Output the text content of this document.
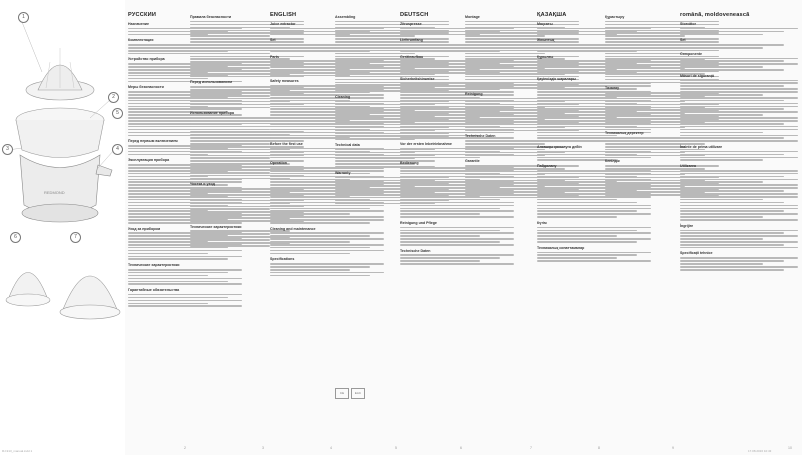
1
2
3	4
5
6	7
REDMOND
РУССКИЙ
Назначение
Комплектация
Устройство прибора
Меры безопасности
Перед первым включением
Эксплуатация прибора
Уход за прибором
Технические характеристики
Гарантийные обязательства
Правила безопасности
Перед использованием
Использование прибора
Чистка и уход
Технические характеристики
ENGLISH
Juice extractor
Set
Parts
Safety measures
Before the first use
Operation
Cleaning and maintenance
Specifications
Assembling
Cleaning
Technical data
Warranty
CE	EAC
DEUTSCH
Zitruspresse
Lieferumfang
Geräteaufbau
Sicherheitshinweise
Vor der ersten Inbetriebnahme
Bedienung
Reinigung und Pflege
Technische Daten
Montage
Reinigung
Technische Daten
Garantie
ҚАЗАҚША
Мақсаты
Жиынтық
Құрылғы
Қауіпсіздік шаралары
Алғашқы қосылуға дейін
Пайдалану
Күтім
Техникалық сипаттамалар
Құрастыру
Тазалау
Техникалық деректер
Кепілдік
română, moldovenească
Storcător
Set
Componente
Măsuri de siguranță
Înainte de prima utilizare
Utilizarea
Îngrijire
Specificații tehnice
2	3	4	5	6	7	8	9	10
RJ-913_manual.indd 1	17.08.2016 10:43
